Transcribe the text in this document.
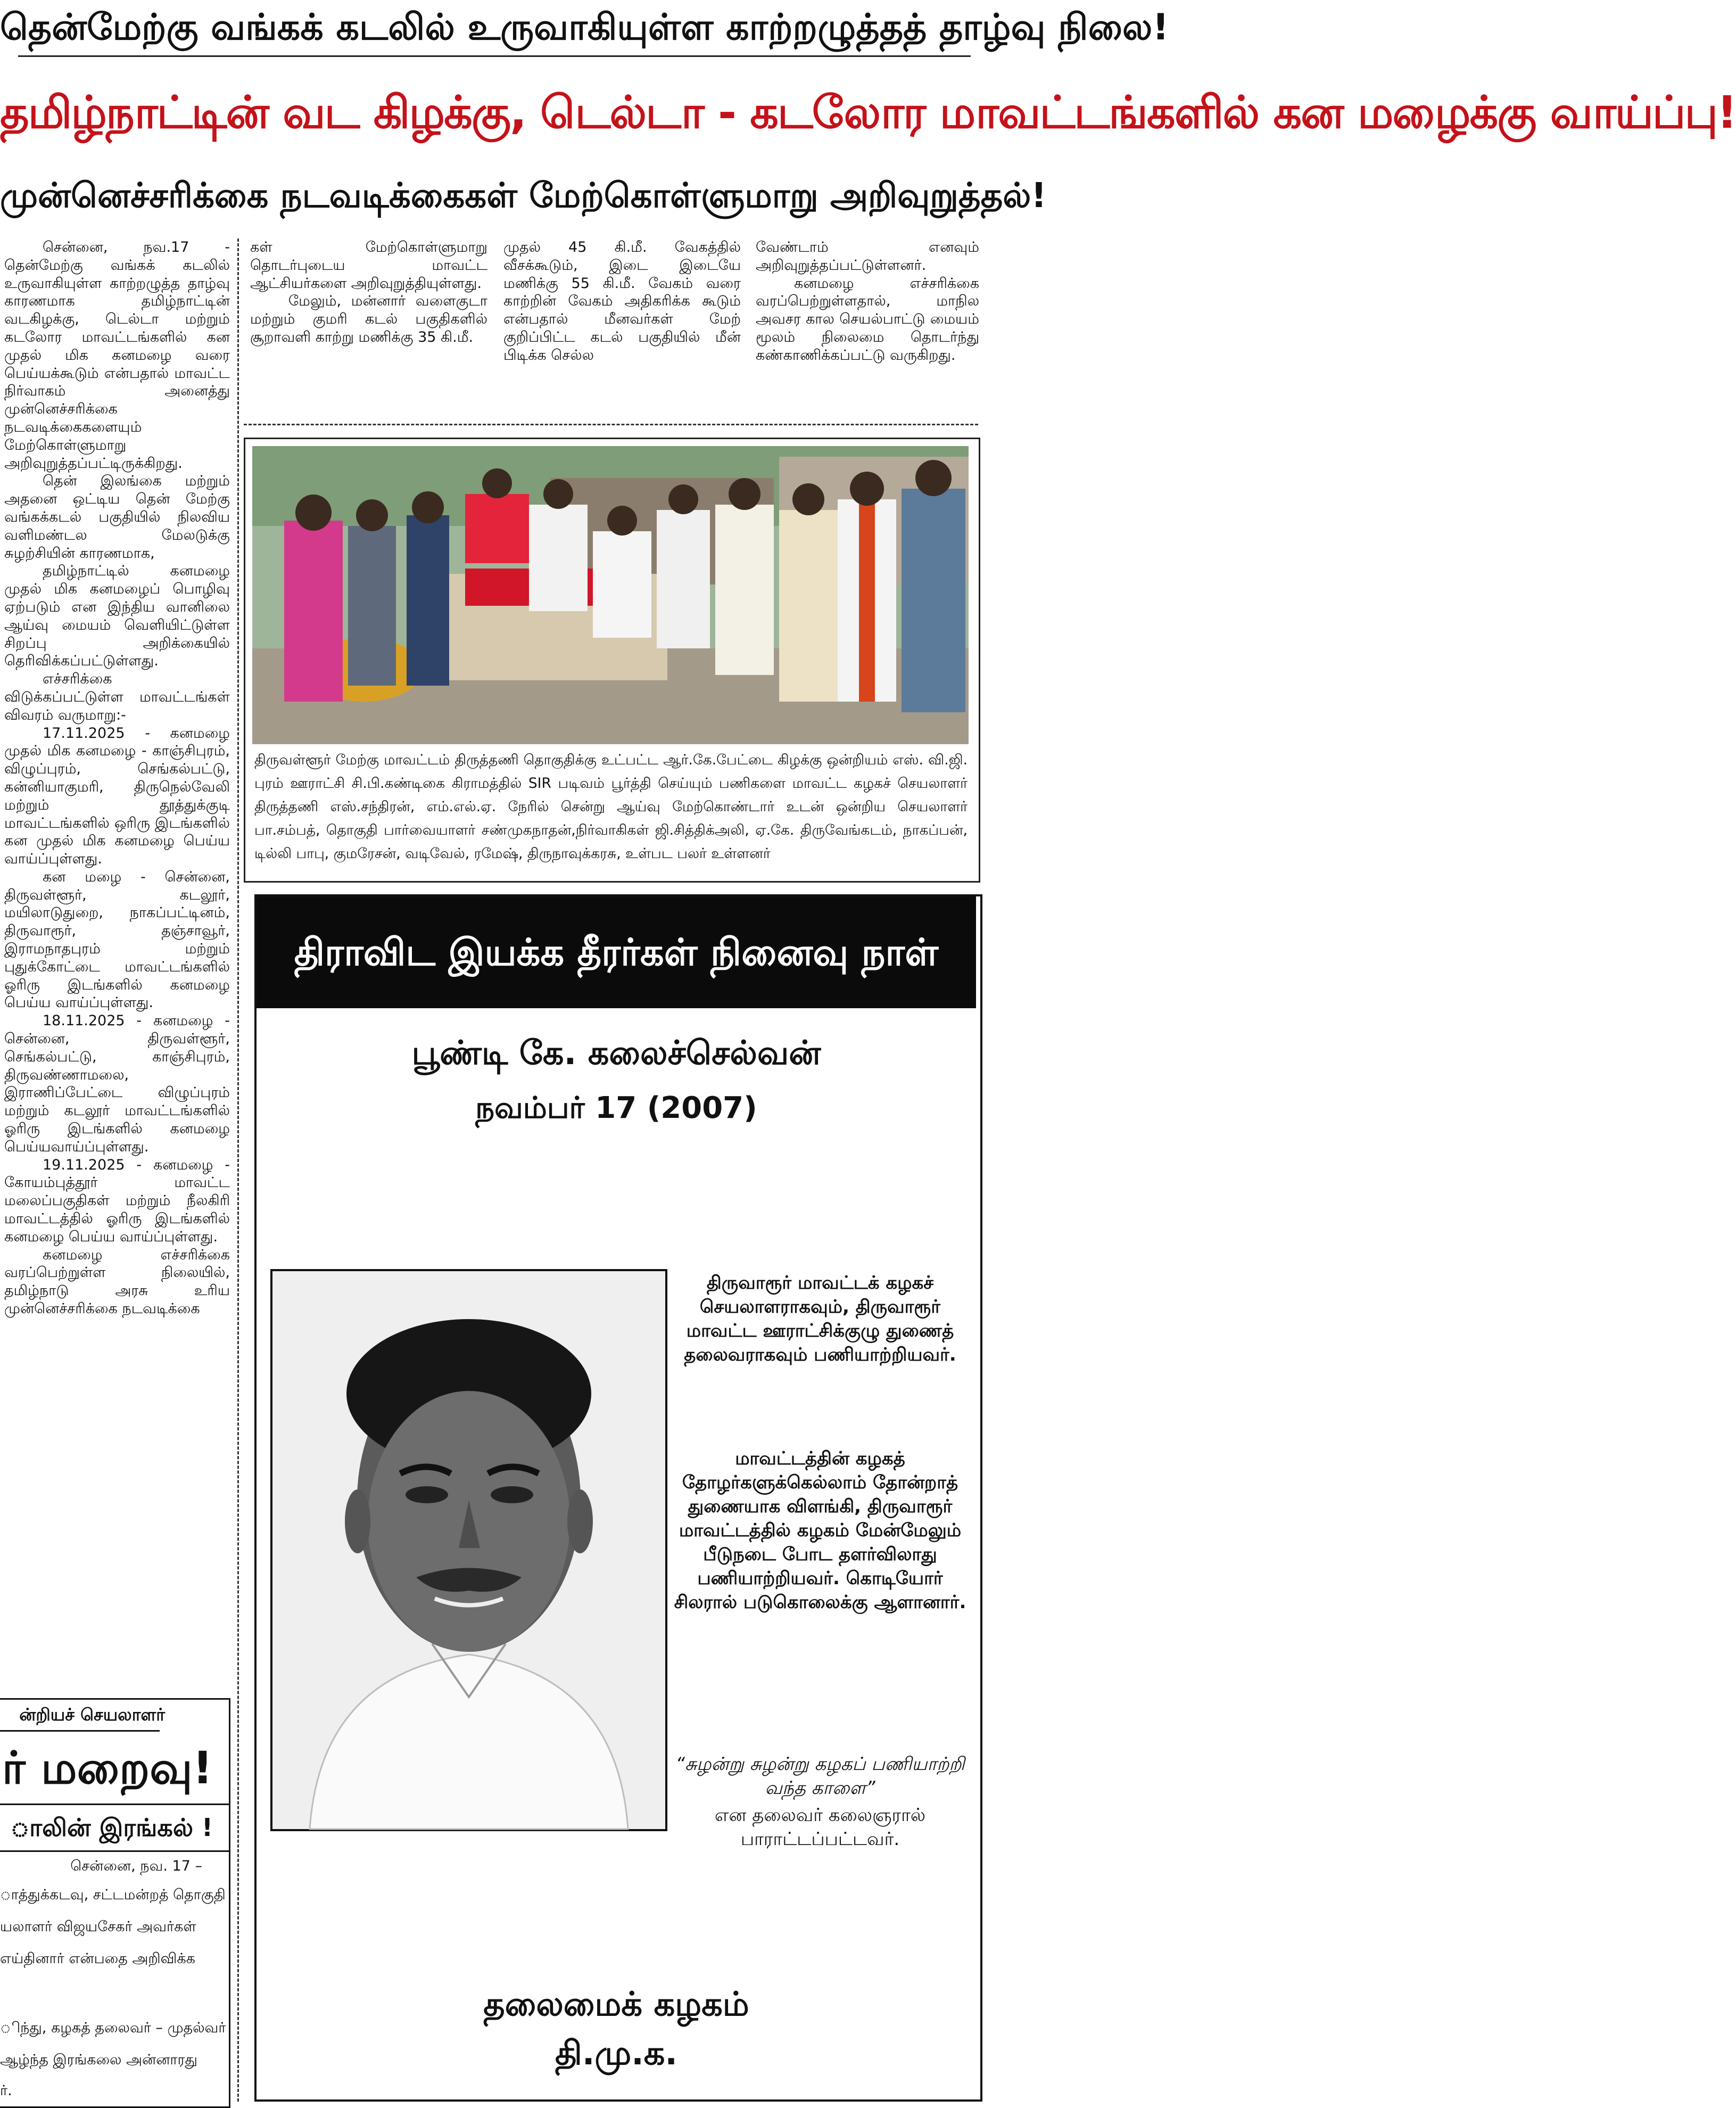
தென்மேற்கு வங்கக் கடலில் உருவாகியுள்ள காற்றழுத்தத் தாழ்வு நிலை!
தமிழ்நாட்டின் வட கிழக்கு, டெல்டா - கடலோர மாவட்டங்களில் கன மழைக்கு வாய்ப்பு!
முன்னெச்சரிக்கை நடவடிக்கைகள் மேற்கொள்ளுமாறு அறிவுறுத்தல்!

சென்னை, நவ.17 - தென்மேற்கு வங்கக் கடலில் உருவாகியுள்ள காற்றழுத்த தாழ்வு காரணமாக தமிழ்நாட்டின் வடகிழக்கு, டெல்டா மற்றும் கடலோர மாவட்டங்களில் கன முதல் மிக கனமழை வரை பெய்யக்கூடும் என்பதால் மாவட்ட நிர்வாகம் அனைத்து முன்னெச்சரிக்கை நடவடிக்கைகளையும் மேற்கொள்ளுமாறு அறிவுறுத்தப்பட்டிருக்கிறது.

தென் இலங்கை மற்றும் அதனை ஒட்டிய தென் மேற்கு வங்கக்கடல் பகுதியில் நிலவிய வளிமண்டல மேலடுக்கு சுழற்சியின் காரணமாக,

தமிழ்நாட்டில் கனமழை முதல் மிக கனமழைப் பொழிவு ஏற்படும் என இந்திய வானிலை ஆய்வு மையம் வெளியிட்டுள்ள சிறப்பு அறிக்கையில் தெரிவிக்கப்பட்டுள்ளது.

எச்சரிக்கை விடுக்கப்பட்டுள்ள மாவட்டங்கள் விவரம் வருமாறு:-

17.11.2025 - கனமழை முதல் மிக கனமழை - காஞ்சிபுரம், விழுப்புரம், செங்கல்பட்டு, கன்னியாகுமரி, திருநெல்வேலி மற்றும் தூத்துக்குடி மாவட்டங்களில் ஒரிரு இடங்களில் கன முதல் மிக கனமழை பெய்ய வாய்ப்புள்ளது.

கன மழை - சென்னை, திருவள்ளூர், கடலூர், மயிலாடுதுறை, நாகப்பட்டினம், திருவாரூர், தஞ்சாவூர், இராமநாதபுரம் மற்றும் புதுக்கோட்டை மாவட்டங்களில் ஓரிரு இடங்களில் கனமழை பெய்ய வாய்ப்புள்ளது.

18.11.2025 - கனமழை - சென்னை, திருவள்ளூர், செங்கல்பட்டு, காஞ்சிபுரம், திருவண்ணாமலை, இராணிப்பேட்டை விழுப்புரம் மற்றும் கடலூர் மாவட்டங்களில் ஓரிரு இடங்களில் கனமழை பெய்யவாய்ப்புள்ளது.

19.11.2025 - கனமழை - கோயம்புத்தூர் மாவட்ட மலைப்பகுதிகள் மற்றும் நீலகிரி மாவட்டத்தில் ஓரிரு இடங்களில் கனமழை பெய்ய வாய்ப்புள்ளது.

கனமழை எச்சரிக்கை வரப்பெற்றுள்ள நிலையில், தமிழ்நாடு அரசு உரிய முன்னெச்சரிக்கை நடவடிக்கை

கள் மேற்கொள்ளுமாறு தொடர்புடைய மாவட்ட ஆட்சியர்களை அறிவுறுத்தியுள்ளது.

மேலும், மன்னார் வளைகுடா மற்றும் குமரி கடல் பகுதிகளில் சூறாவளி காற்று மணிக்கு 35 கி.மீ.

முதல் 45 கி.மீ. வேகத்தில் வீசக்கூடும், இடை இடையே மணிக்கு 55 கி.மீ. வேகம் வரை காற்றின் வேகம் அதிகரிக்க கூடும் என்பதால் மீனவர்கள் மேற் குறிப்பிட்ட கடல் பகுதியில் மீன் பிடிக்க செல்ல

வேண்டாம் எனவும் அறிவுறுத்தப்பட்டுள்ளனர்.

கனமழை எச்சரிக்கை வரப்பெற்றுள்ளதால், மாநில அவசர கால செயல்பாட்டு மையம் மூலம் நிலைமை தொடர்ந்து கண்காணிக்கப்பட்டு வருகிறது.

திருவள்ளூர் மேற்கு மாவட்டம் திருத்தணி தொகுதிக்கு உட்பட்ட ஆர்.கே.பேட்டை கிழக்கு ஒன்றியம் எஸ். வி.ஜி. புரம் ஊராட்சி சி.பி.கண்டிகை கிராமத்தில் SIR படிவம் பூர்த்தி செய்யும் பணிகளை மாவட்ட கழகச் செயலாளர் திருத்தணி எஸ்.சந்திரன், எம்.எல்.ஏ. நேரில் சென்று ஆய்வு மேற்கொண்டார் உடன் ஒன்றிய செயலாளர் பா.சம்பத், தொகுதி பார்வையாளர் சண்முகநாதன்,நிர்வாகிகள் ஜி.சித்திக்அலி, ஏ.கே. திருவேங்கடம், நாகப்பன், டில்லி பாபு, குமரேசன், வடிவேல், ரமேஷ், திருநாவுக்கரசு, உள்பட பலர் உள்ளனர்
திராவிட இயக்க தீரர்கள் நினைவு நாள்
பூண்டி கே. கலைச்செல்வன்
நவம்பர் 17 (2007)
திருவாரூர் மாவட்டக் கழகச் செயலாளராகவும், திருவாரூர் மாவட்ட ஊராட்சிக்குழு துணைத் தலைவராகவும் பணியாற்றியவர்.
மாவட்டத்தின் கழகத் தோழர்களுக்கெல்லாம் தோன்றாத் துணையாக விளங்கி, திருவாரூர் மாவட்டத்தில் கழகம் மேன்மேலும் பீடுநடை போட தளர்விலாது பணியாற்றியவர். கொடியோர் சிலரால் படுகொலைக்கு ஆளானார்.
“சுழன்று சுழன்று கழகப் பணியாற்றி வந்த காளை”
என தலைவர் கலைஞரால் பாராட்டப்பட்டவர்.
தலைமைக் கழகம்
தி.மு.க.
ன்றியச் செயலாளர்
ர் மறைவு!
ாலின் இரங்கல் !
சென்னை, நவ. 17 –
ாத்துக்கடவு, சட்டமன்றத் தொகுதி
யலாளர் விஜயசேகர் அவர்கள்
எய்தினார் என்பதை அறிவிக்க
ிந்து, கழகத் தலைவர் – முதல்வர்
ஆழ்ந்த இரங்கலை அன்னாரது
ர்.
